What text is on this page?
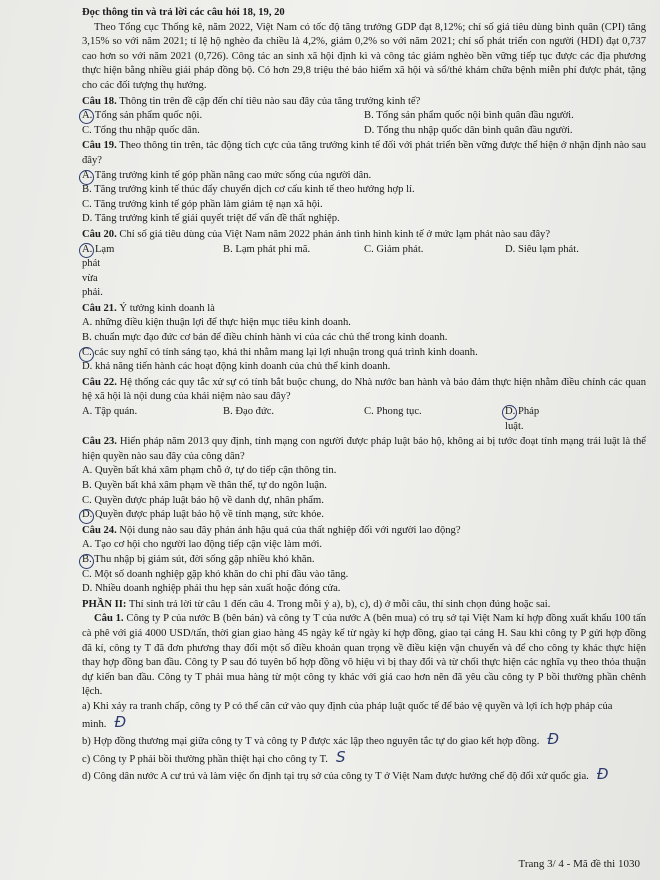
Đọc thông tin và trả lời các câu hỏi 18, 19, 20

Theo Tổng cục Thống kê, năm 2022, Việt Nam có tốc độ tăng trưởng GDP đạt 8,12%; chỉ số giá tiêu dùng bình quân (CPI) tăng 3,15% so với năm 2021; tỉ lệ hộ nghèo đa chiều là 4,2%, giảm 0,2% so với năm 2021; chỉ số phát triển con người (HDI) đạt 0,737 cao hơn so với năm 2021 (0,726). Công tác an sinh xã hội định kì và công tác giảm nghèo bền vững tiếp tục được các địa phương thực hiện bằng nhiều giải pháp đồng bộ. Có hơn 29,8 triệu thẻ bảo hiểm xã hội và sổ/thẻ khám chữa bệnh miễn phí được phát, tặng cho các đối tượng thụ hưởng.

Câu 18. Thông tin trên đề cập đến chỉ tiêu nào sau đây của tăng trưởng kinh tế?

A. Tổng sản phẩm quốc nội.	B. Tổng sản phẩm quốc nội bình quân đầu người.
C. Tổng thu nhập quốc dân.	D. Tổng thu nhập quốc dân bình quân đầu người.

Câu 19. Theo thông tin trên, tác động tích cực của tăng trưởng kinh tế đối với phát triển bền vững được thể hiện ở nhận định nào sau đây?

A. Tăng trưởng kinh tế góp phần nâng cao mức sống của người dân.

B. Tăng trưởng kinh tế thúc đẩy chuyển dịch cơ cấu kinh tế theo hướng hợp lí.

C. Tăng trưởng kinh tế góp phần làm giảm tệ nạn xã hội.

D. Tăng trưởng kinh tế giải quyết triệt để vấn đề thất nghiệp.

Câu 20. Chỉ số giá tiêu dùng của Việt Nam năm 2022 phản ánh tình hình kinh tế ở mức lạm phát nào sau đây?

A. Lạm phát vừa phải.
B. Lạm phát phi mã.	C. Giảm phát.	D. Siêu lạm phát.

Câu 21. Ý tưởng kinh doanh là

A. những điều kiện thuận lợi để thực hiện mục tiêu kinh doanh.

B. chuẩn mực đạo đức cơ bản để điều chỉnh hành vi của các chủ thể trong kinh doanh.

C. các suy nghĩ có tính sáng tạo, khả thi nhằm mang lại lợi nhuận trong quá trình kinh doanh.

D. khả năng tiến hành các hoạt động kinh doanh của chủ thể kinh doanh.

Câu 22. Hệ thống các quy tắc xử sự có tính bắt buộc chung, do Nhà nước ban hành và bảo đảm thực hiện nhằm điều chỉnh các quan hệ xã hội là nội dung của khái niệm nào sau đây?

A. Tập quán.	B. Đạo đức.	C. Phong tục.	D. Pháp luật.

Câu 23. Hiến pháp năm 2013 quy định, tính mạng con người được pháp luật bảo hộ, không ai bị tước đoạt tính mạng trái luật là thể hiện quyền nào sau đây của công dân?

A. Quyền bất khả xâm phạm chỗ ở, tự do tiếp cận thông tin.

B. Quyền bất khả xâm phạm về thân thể, tự do ngôn luận.

C. Quyền được pháp luật bảo hộ về danh dự, nhân phẩm.

D. Quyền được pháp luật bảo hộ về tính mạng, sức khỏe.

Câu 24. Nội dung nào sau đây phản ánh hậu quả của thất nghiệp đối với người lao động?

A. Tạo cơ hội cho người lao động tiếp cận việc làm mới.

B. Thu nhập bị giảm sút, đời sống gặp nhiều khó khăn.

C. Một số doanh nghiệp gặp khó khăn do chi phí đầu vào tăng.

D. Nhiều doanh nghiệp phải thu hẹp sản xuất hoặc đóng cửa.

PHẦN II: Thí sinh trả lời từ câu 1 đến câu 4. Trong mỗi ý a), b), c), d) ở mỗi câu, thí sinh chọn đúng hoặc sai.

Câu 1. Công ty P của nước B (bên bán) và công ty T của nước A (bên mua) có trụ sở tại Việt Nam kí hợp đồng xuất khẩu 100 tấn cà phê với giá 4000 USD/tấn, thời gian giao hàng 45 ngày kể từ ngày kí hợp đồng, giao tại cảng H. Sau khi công ty P gửi hợp đồng đã kí, công ty T đã đơn phương thay đổi một số điều khoản quan trọng về điều kiện vận chuyển và để cho công ty khác thực hiện thay hợp đồng ban đầu. Công ty P sau đó tuyên bố hợp đồng vô hiệu vì bị thay đổi và từ chối thực hiện các nghĩa vụ theo thỏa thuận dự kiến ban đầu. Công ty T phải mua hàng từ một công ty khác với giá cao hơn nên đã yêu cầu công ty P bồi thường phần chênh lệch.

a) Khi xảy ra tranh chấp, công ty P có thể căn cứ vào quy định của pháp luật quốc tế để bảo vệ quyền và lợi ích hợp pháp của mình. Đ

b) Hợp đồng thương mại giữa công ty T và công ty P được xác lập theo nguyên tắc tự do giao kết hợp đồng. Đ

c) Công ty P phải bồi thường phần thiệt hại cho công ty T. S

d) Công dân nước A cư trú và làm việc ổn định tại trụ sở của công ty T ở Việt Nam được hưởng chế độ đối xử quốc gia. Đ

Trang 3/ 4 - Mã đề thi 1030
